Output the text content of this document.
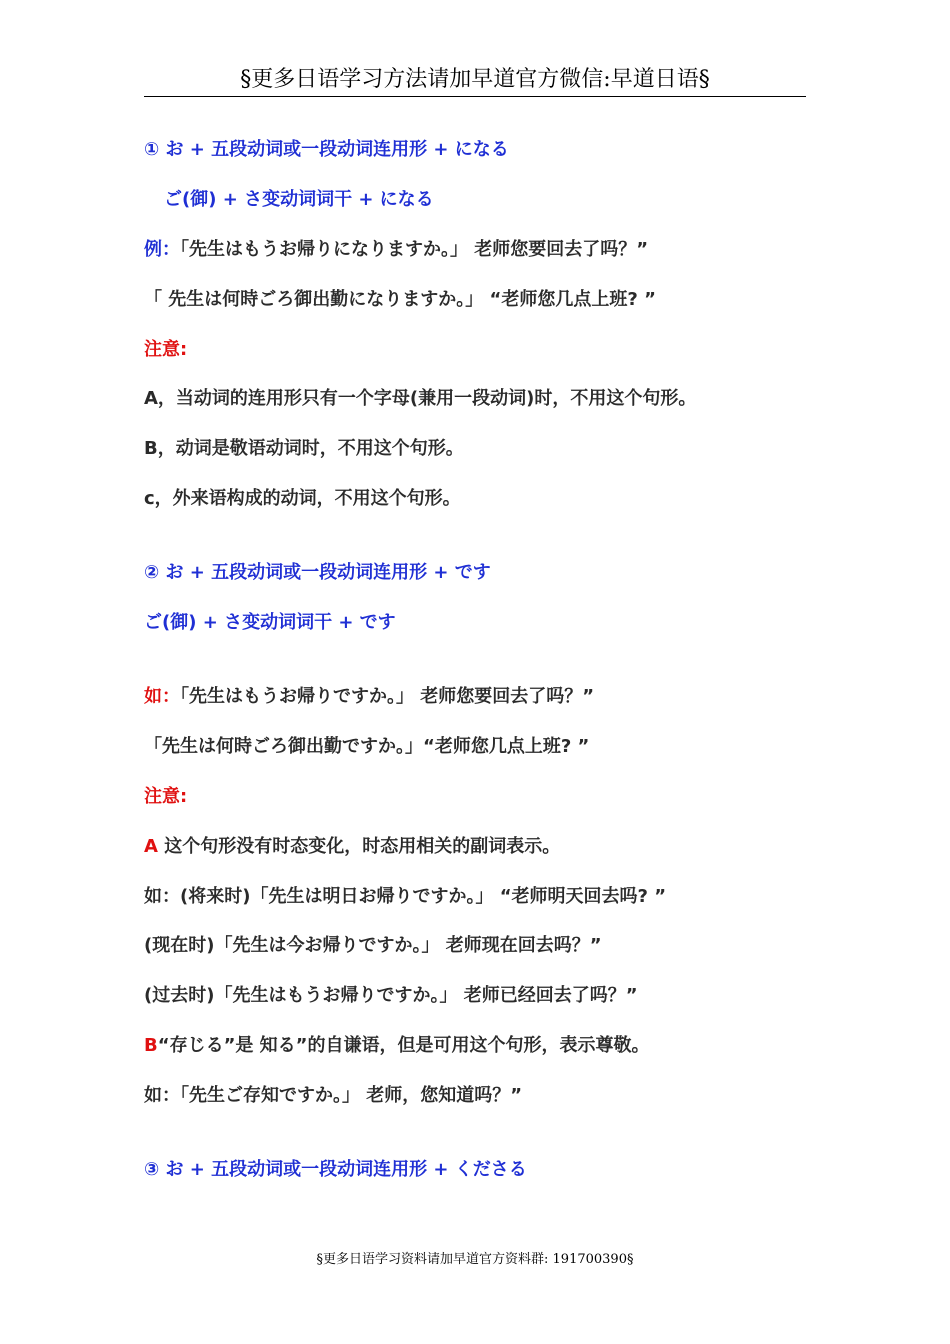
§更多日语学习方法请加早道官方微信:早道日语§
① お + 五段动词或一段动词连用形 + になる
ご(御) + さ变动词词干 + になる
例：「先生はもうお帰りになりますか。」 老师您要回去了吗？”
「 先生は何時ごろ御出勤になりますか。」 “老师您几点上班? ”
注意:
A，当动词的连用形只有一个字母(兼用一段动词)时，不用这个句形。
B，动词是敬语动词时，不用这个句形。
c，外来语构成的动词，不用这个句形。
② お + 五段动词或一段动词连用形 + です
ご(御) + さ变动词词干 + です
如：「先生はもうお帰りですか。」 老师您要回去了吗？”
「先生は何時ごろ御出勤ですか。」“老师您几点上班? ”
注意:
A 这个句形没有时态变化，时态用相关的副词表示。
如：(将来时)「先生は明日お帰りですか。」 “老师明天回去吗? ”
(现在时)「先生は今お帰りですか。」 老师现在回去吗？”
(过去时)「先生はもうお帰りですか。」 老师已经回去了吗？”
B“存じる”是 知る”的自谦语，但是可用这个句形，表示尊敬。
如：「先生ご存知ですか。」 老师，您知道吗？”
③ お + 五段动词或一段动词连用形 + くださる
§更多日语学习资料请加早道官方资料群: 191700390§
